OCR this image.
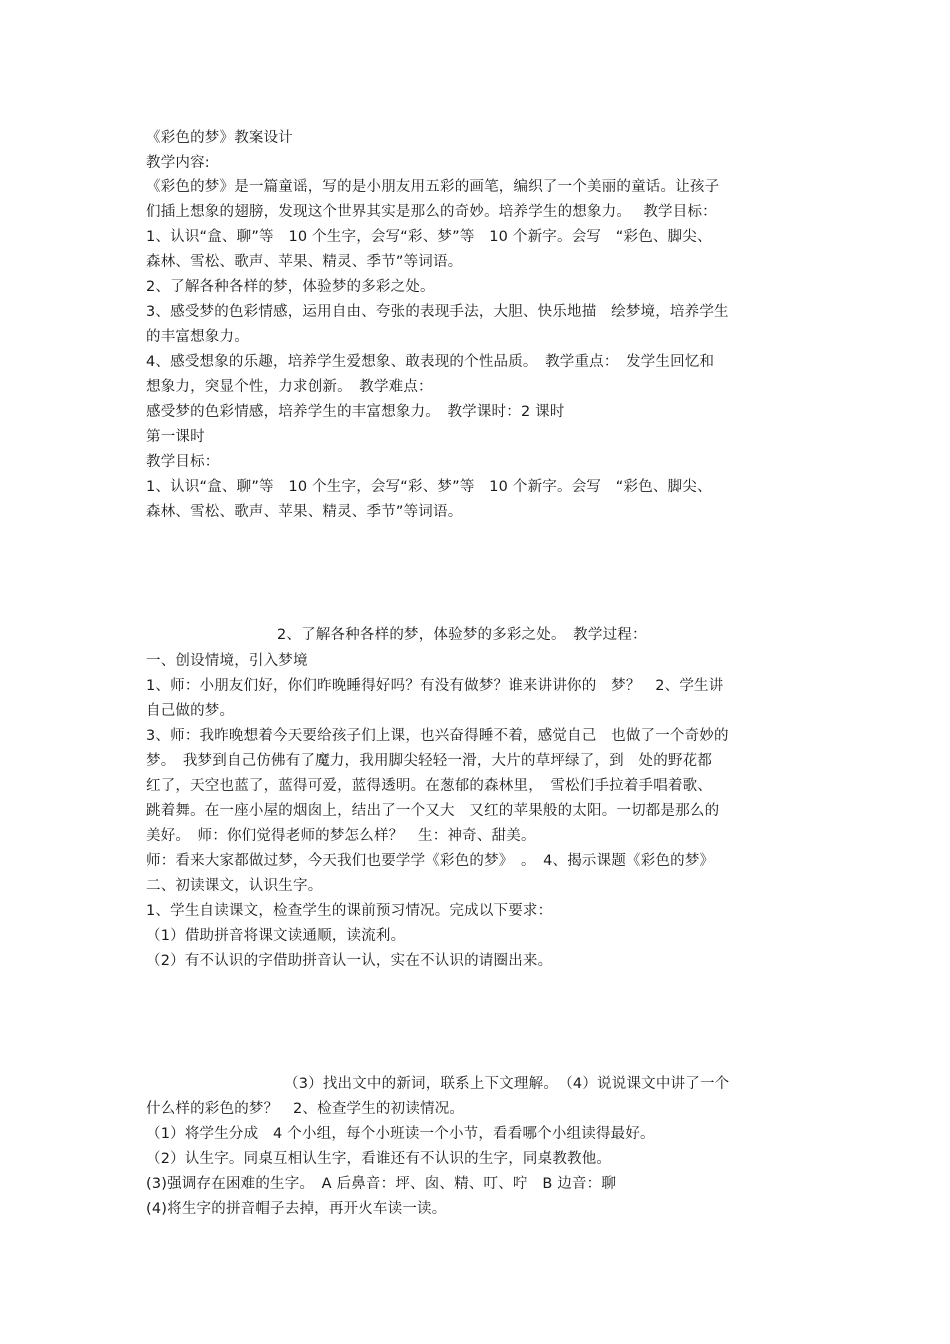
《彩色的梦》教案设计
教学内容:
《彩色的梦》是一篇童谣，写的是小朋友用五彩的画笔，编织了一个美丽的童话。让孩子
们插上想象的翅膀，发现这个世界其实是那么的奇妙。培养学生的想象力。　 教学目标：
1、认识“盒、聊”等　10 个生字，会写“彩、梦”等　10 个新字。会写　“彩色、脚尖、
森林、雪松、歌声、苹果、精灵、季节”等词语。
2、了解各种各样的梦，体验梦的多彩之处。
3、感受梦的色彩情感，运用自由、夸张的表现手法，大胆、快乐地描　绘梦境，培养学生
的丰富想象力。
4、感受想象的乐趣，培养学生爱想象、敢表现的个性品质。　教学重点：　发学生回忆和
想象力，突显个性，力求创新。　教学难点：
感受梦的色彩情感，培养学生的丰富想象力。　教学课时：2 课时
第一课时
教学目标：
1、认识“盒、聊”等　10 个生字，会写“彩、梦”等　10 个新字。会写　“彩色、脚尖、
森林、雪松、歌声、苹果、精灵、季节”等词语。
2、了解各种各样的梦，体验梦的多彩之处。　教学过程：
一、创设情境，引入梦境
1、师：小朋友们好，你们昨晚睡得好吗？有没有做梦？谁来讲讲你的　梦？　2、学生讲
自己做的梦。
3、师：我昨晚想着今天要给孩子们上课，也兴奋得睡不着，感觉自己　也做了一个奇妙的
梦。　我梦到自己仿佛有了魔力，我用脚尖轻轻一滑，大片的草坪绿了，到　处的野花都
红了，天空也蓝了，蓝得可爱，蓝得透明。在葱郁的森林里，　雪松们手拉着手唱着歌、
跳着舞。在一座小屋的烟囱上，结出了一个又大　又红的苹果般的太阳。一切都是那么的
美好。　师：你们觉得老师的梦怎么样？　生：神奇、甜美。
师：看来大家都做过梦，今天我们也要学学《彩色的梦》　。　4、揭示课题《彩色的梦》
二、初读课文，认识生字。
1、学生自读课文，检查学生的课前预习情况。完成以下要求：
（1）借助拼音将课文读通顺，读流利。
（2）有不认识的字借助拼音认一认，实在不认识的请圈出来。
（3）找出文中的新词，联系上下文理解。　（4）说说课文中讲了一个
什么样的彩色的梦？　2、检查学生的初读情况。
（1）将学生分成　4 个小组，每个小班读一个小节，看看哪个小组读得最好。
（2）认生字。同桌互相认生字，看谁还有不认识的生字，同桌教教他。
(3)强调存在困难的生字。　A 后鼻音：坪、囱、精、叮、咛　B 边音：聊
(4)将生字的拼音帽子去掉，再开火车读一读。
